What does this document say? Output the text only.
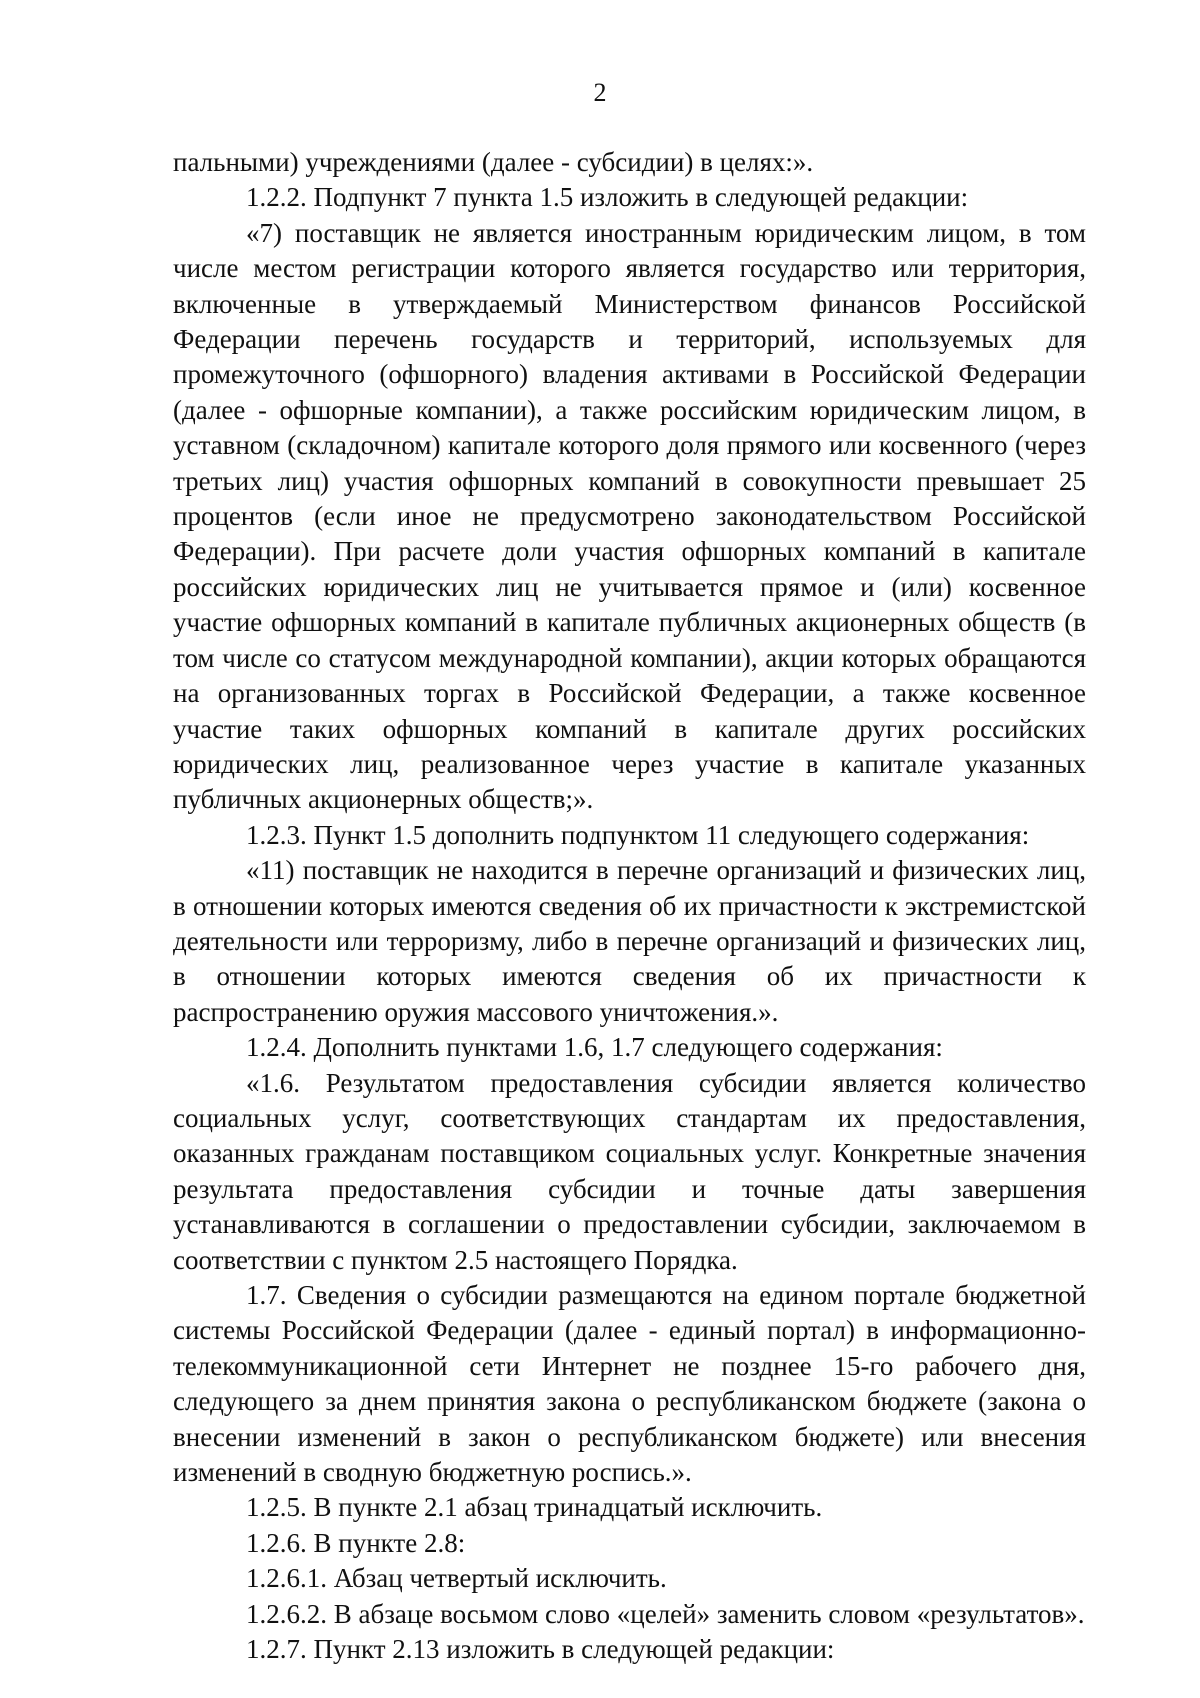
2

пальными) учреждениями (далее - субсидии) в целях:».

1.2.2. Подпункт 7 пункта 1.5 изложить в следующей редакции:

«7) поставщик не является иностранным юридическим лицом, в том числе местом регистрации которого является государство или территория, включенные в утверждаемый Министерством финансов Российской Федерации перечень государств и территорий, используемых для промежуточного (офшорного) владения активами в Российской Федерации (далее - офшорные компании), а также российским юридическим лицом, в уставном (складочном) капитале которого доля прямого или косвенного (через третьих лиц) участия офшорных компаний в совокупности превышает 25 процентов (если иное не предусмотрено законодательством Российской Федерации). При расчете доли участия офшорных компаний в капитале российских юридических лиц не учитывается прямое и (или) косвенное участие офшорных компаний в капитале публичных акционерных обществ (в том числе со статусом международной компании), акции которых обращаются на организованных торгах в Российской Федерации, а также косвенное участие таких офшорных компаний в капитале других российских юридических лиц, реализованное через участие в капитале указанных публичных акционерных обществ;».

1.2.3. Пункт 1.5 дополнить подпунктом 11 следующего содержания:

«11) поставщик не находится в перечне организаций и физических лиц, в отношении которых имеются сведения об их причастности к экстремистской деятельности или терроризму, либо в перечне организаций и физических лиц, в отношении которых имеются сведения об их причастности к распространению оружия массового уничтожения.».

1.2.4. Дополнить пунктами 1.6, 1.7 следующего содержания:

«1.6. Результатом предоставления субсидии является количество социальных услуг, соответствующих стандартам их предоставления, оказанных гражданам поставщиком социальных услуг. Конкретные значения результата предоставления субсидии и точные даты завершения устанавливаются в соглашении о предоставлении субсидии, заключаемом в соответствии с пунктом 2.5 настоящего Порядка.

1.7. Сведения о субсидии размещаются на едином портале бюджетной системы Российской Федерации (далее - единый портал) в информационно-телекоммуникационной сети Интернет не позднее 15-го рабочего дня, следующего за днем принятия закона о республиканском бюджете (закона о внесении изменений в закон о республиканском бюджете) или внесения изменений в сводную бюджетную роспись.».

1.2.5. В пункте 2.1 абзац тринадцатый исключить.

1.2.6. В пункте 2.8:

1.2.6.1. Абзац четвертый исключить.

1.2.6.2. В абзаце восьмом слово «целей» заменить словом «результатов».

1.2.7. Пункт 2.13 изложить в следующей редакции:
